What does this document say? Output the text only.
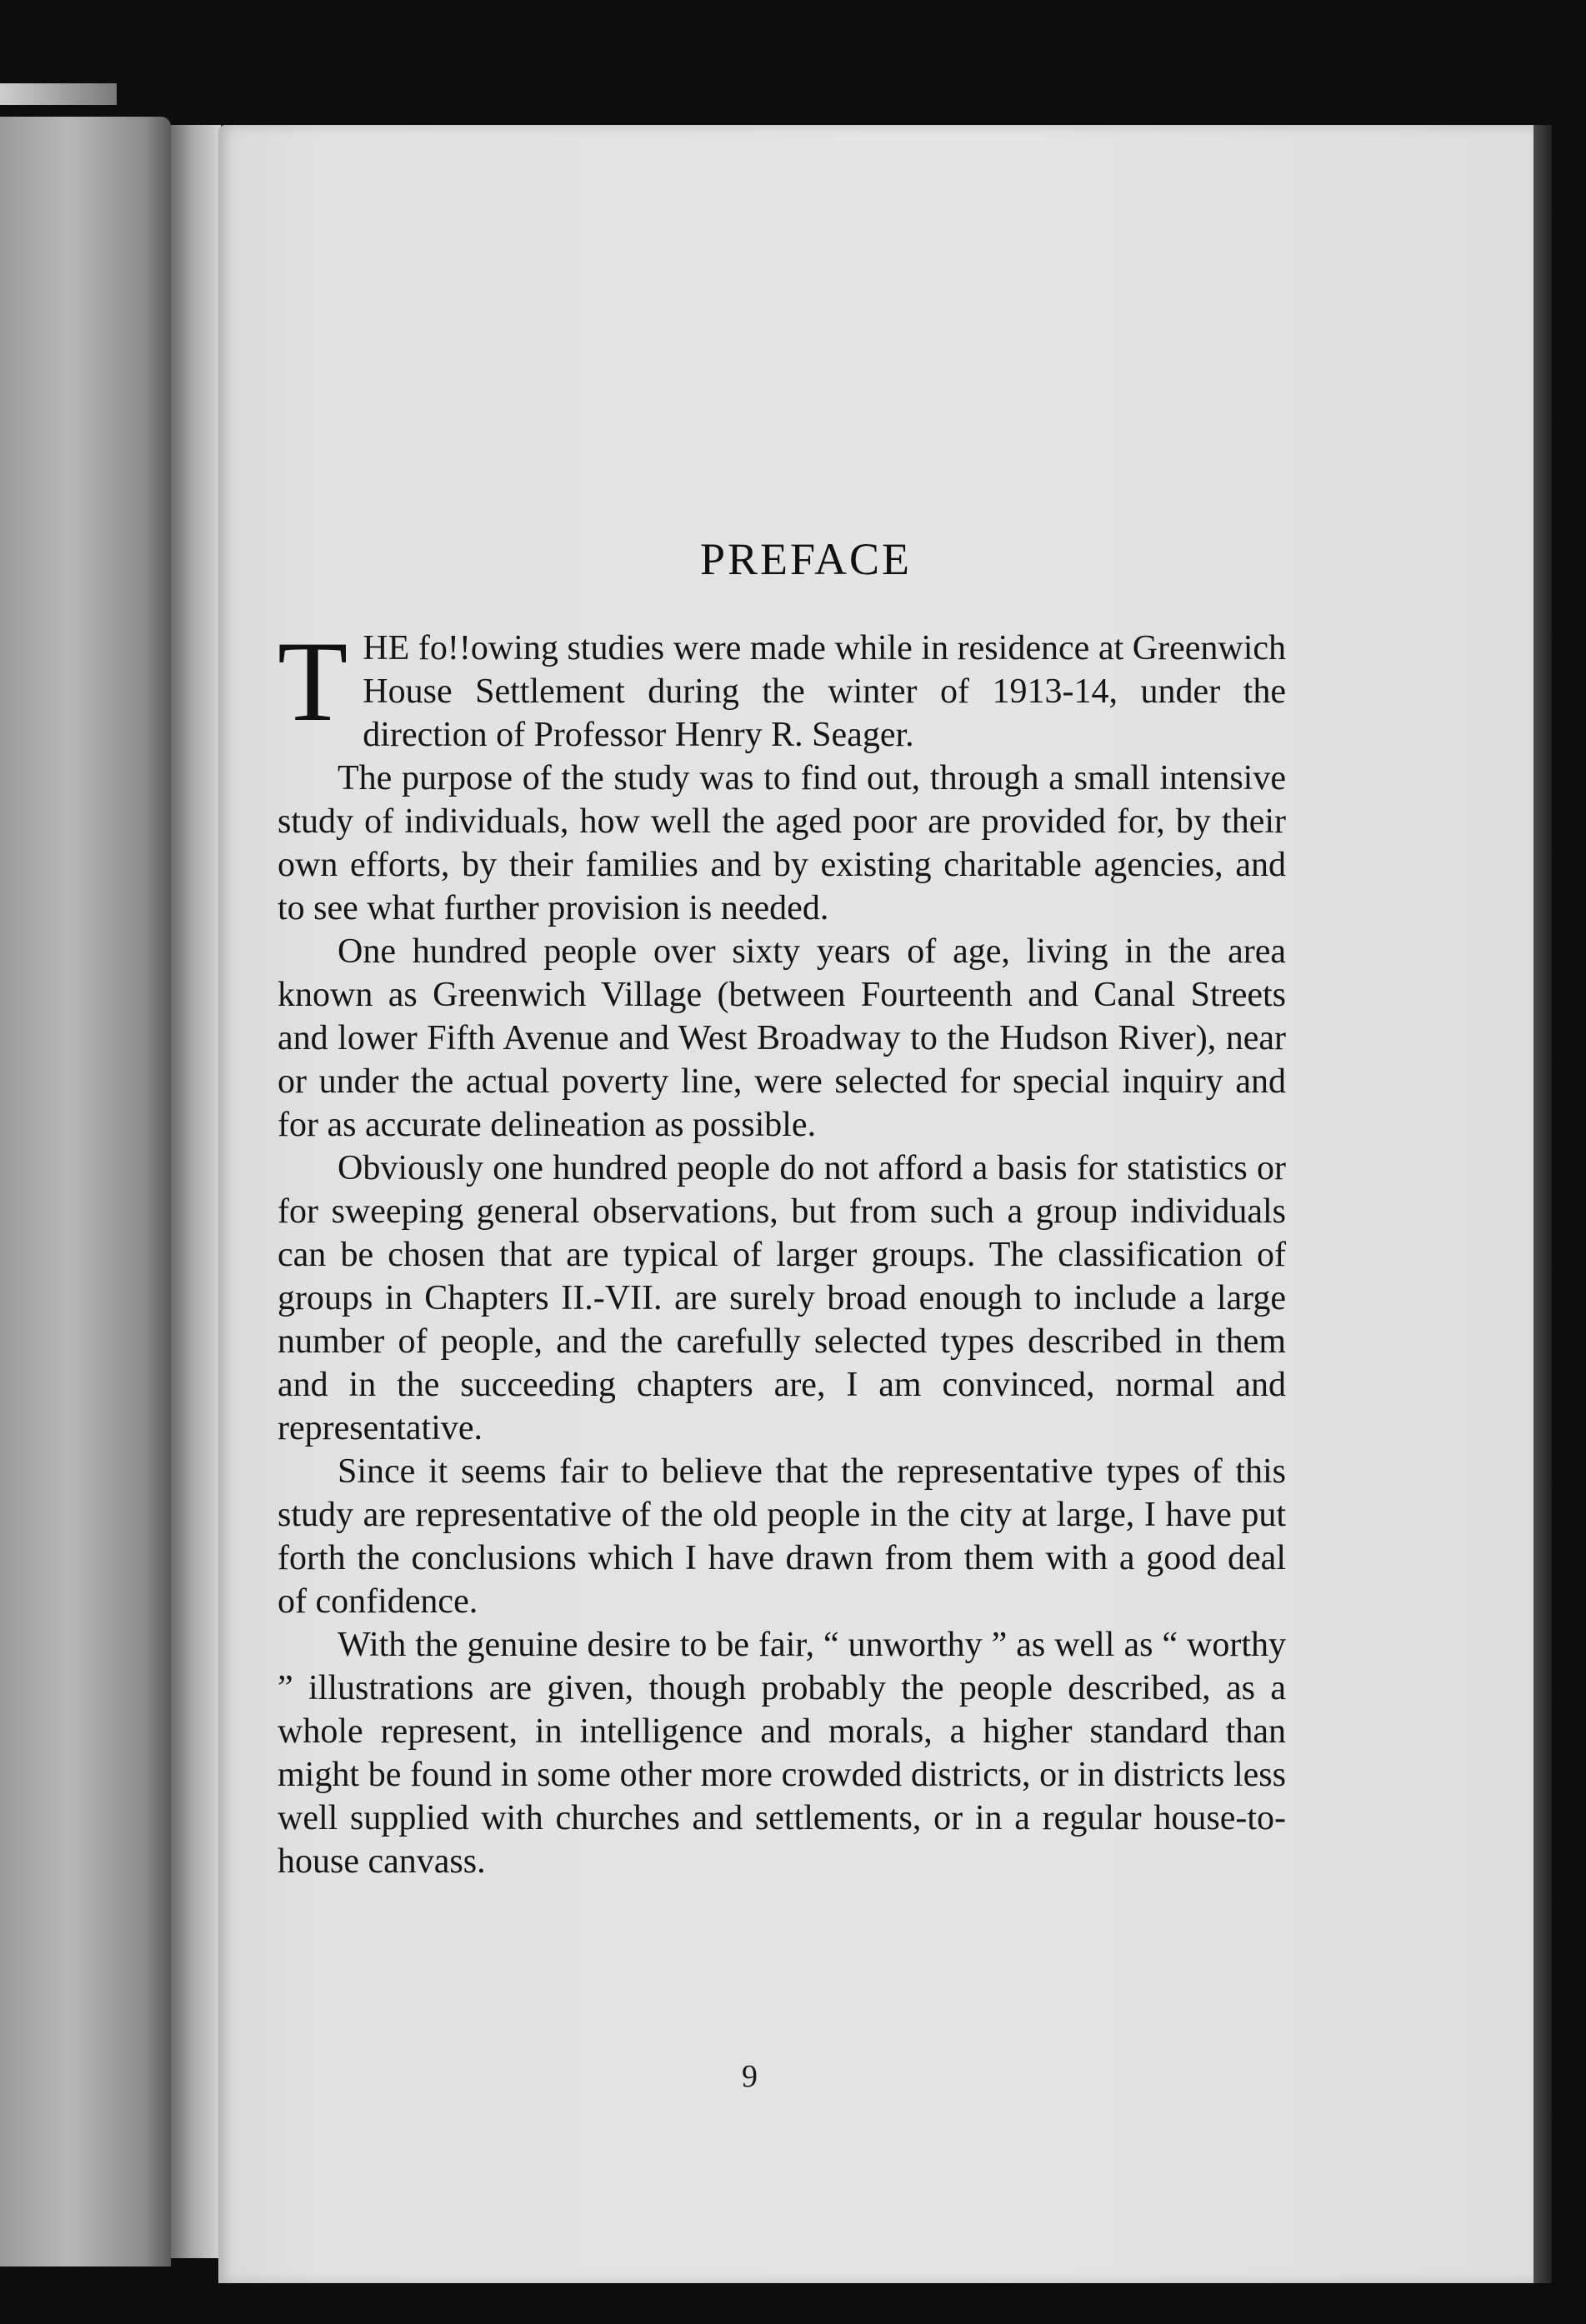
PREFACE

T HE fo!!owing studies were made while in residence at Greenwich House Settlement during the winter of 1913-14, under the direction of Professor Henry R. Seager.

The purpose of the study was to find out, through a small intensive study of individuals, how well the aged poor are provided for, by their own efforts, by their families and by existing charitable agencies, and to see what further provision is needed.

One hundred people over sixty years of age, living in the area known as Greenwich Village (between Fourteenth and Canal Streets and lower Fifth Avenue and West Broadway to the Hudson River), near or under the actual poverty line, were selected for special inquiry and for as accurate delineation as possible.

Obviously one hundred people do not afford a basis for statistics or for sweeping general observations, but from such a group individuals can be chosen that are typical of larger groups. The classification of groups in Chapters II.-VII. are surely broad enough to include a large number of people, and the carefully selected types described in them and in the succeeding chapters are, I am convinced, normal and representative.

Since it seems fair to believe that the representative types of this study are representative of the old people in the city at large, I have put forth the conclusions which I have drawn from them with a good deal of confidence.

With the genuine desire to be fair, “ unworthy ” as well as “ worthy ” illustrations are given, though probably the people described, as a whole represent, in intelligence and morals, a higher standard than might be found in some other more crowded districts, or in districts less well supplied with churches and settlements, or in a regular house-to-house canvass.

9
